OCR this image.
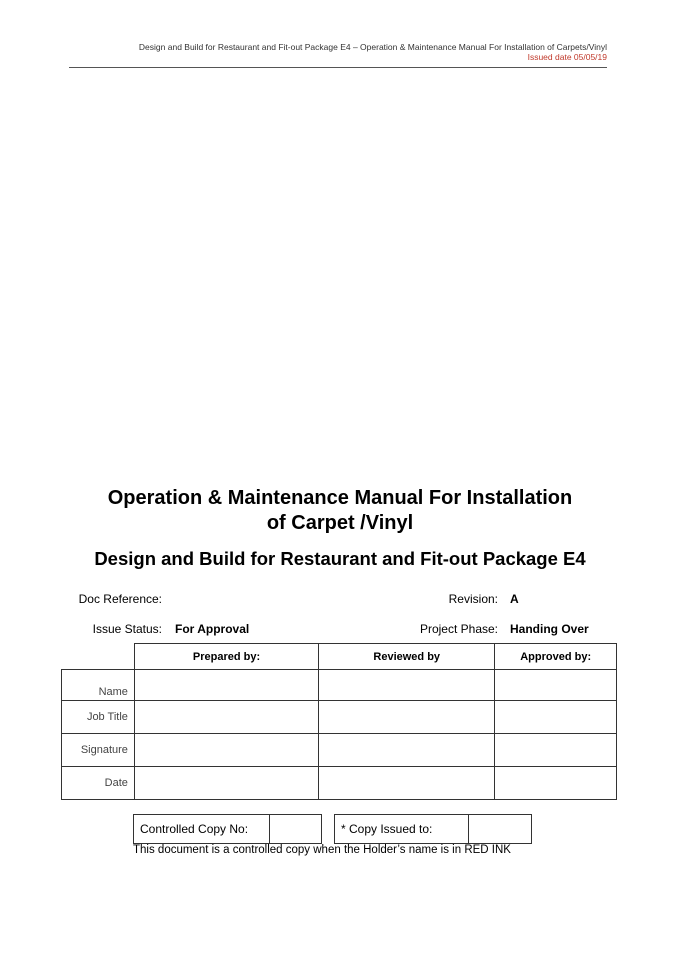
Design and Build for Restaurant and Fit-out Package E4 – Operation & Maintenance Manual For Installation of Carpets/Vinyl
Issued date 05/05/19
Operation & Maintenance Manual For Installation
of Carpet /Vinyl
Design and Build for Restaurant and Fit-out Package E4
Doc Reference:	Revision: A
Issue Status: For Approval	Project Phase: Handing Over
	Prepared by:	Reviewed by	Approved by:
Name			
Job Title			
Signature			
Date			
Controlled Copy No:	* Copy Issued to:
This document is a controlled copy when the Holder’s name is in RED INK
